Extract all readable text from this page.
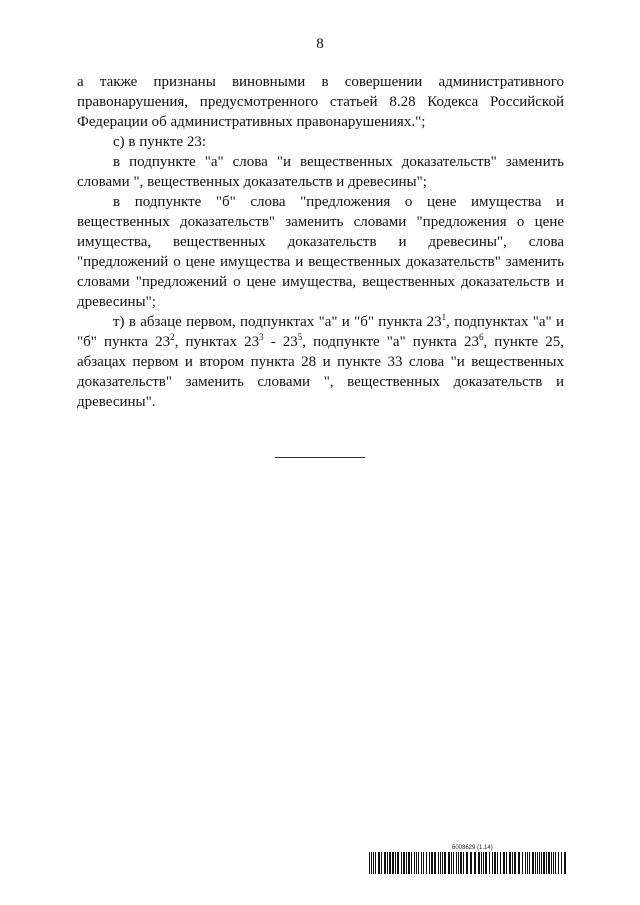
8

а также признаны виновными в совершении административного правонарушения, предусмотренного статьей 8.28 Кодекса Российской Федерации об административных правонарушениях.";

с) в пункте 23:

в подпункте "а" слова "и вещественных доказательств" заменить словами ", вещественных доказательств и древесины";

в подпункте "б" слова "предложения о цене имущества и вещественных доказательств" заменить словами "предложения о цене имущества, вещественных доказательств и древесины", слова "предложений о цене имущества и вещественных доказательств" заменить словами "предложений о цене имущества, вещественных доказательств и древесины";

т) в абзаце первом, подпунктах "а" и "б" пункта $23^1$, подпунктах "а" и "б" пункта $23^2$, пунктах $23^3 - 23^5$, подпункте "а" пункта $23^6$, пункте 25, абзацах первом и втором пункта 28 и пункте 33 слова "и вещественных доказательств" заменить словами ", вещественных доказательств и древесины".

6008629 (1.14)
